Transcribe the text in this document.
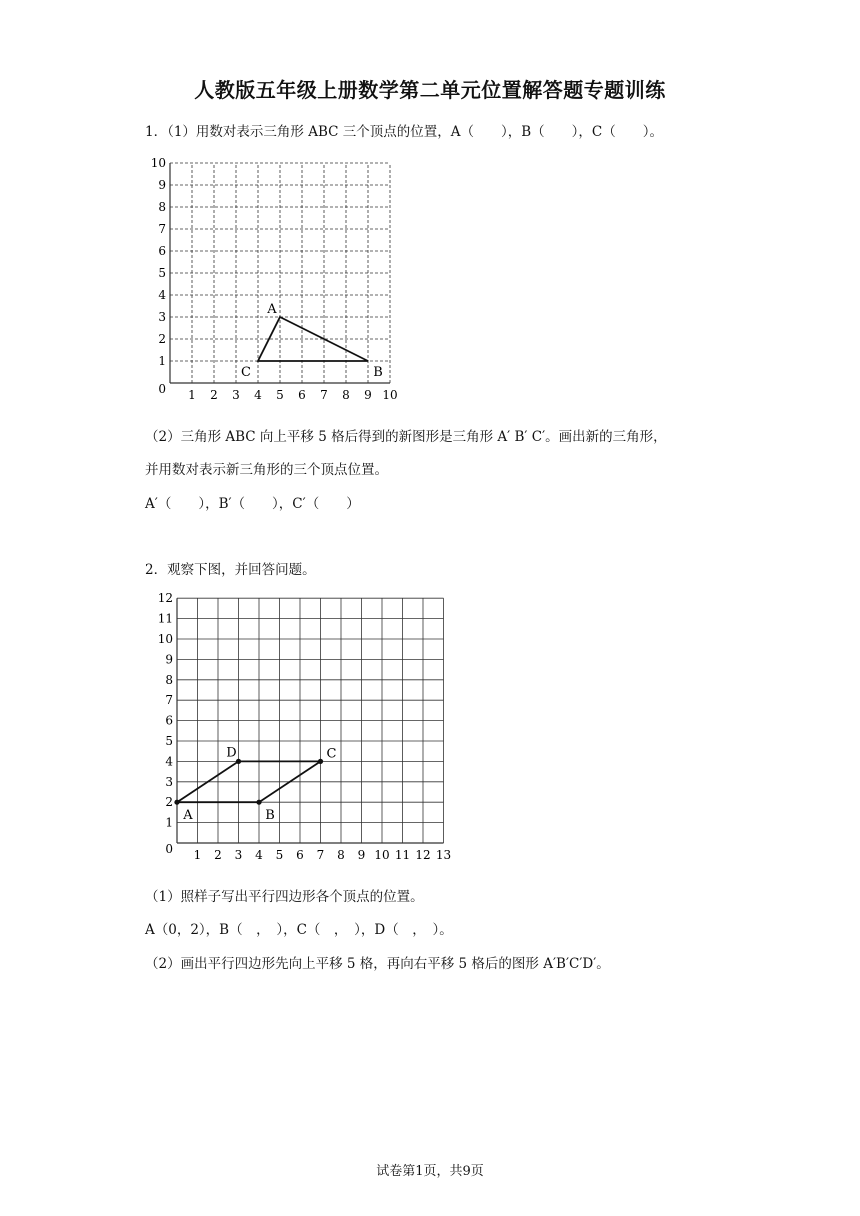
人教版五年级上册数学第二单元位置解答题专题训练
1．（1）用数对表示三角形 ABC 三个顶点的位置，A（　　），B（　　），C（　　）。
1 2 3 4 5 6 7 8 9 10
0
1
2
3
4
5
6
7
8
9
10
A
B
C
（2）三角形 ABC 向上平移 5 格后得到的新图形是三角形 A′ B′ C′。画出新的三角形，
并用数对表示新三角形的三个顶点位置。
A′（　　），B′（　　），C′（　　）
2．观察下图，并回答问题。
1 2 3 4 5 6 7 8 9 10 11 12 13
0
1
2
3
4
5
6
7
8
9
10
11
12
A	B
C
D
（1）照样子写出平行四边形各个顶点的位置。
A（0，2），B（　，　），C（　，　），D（　，　）。
（2）画出平行四边形先向上平移 5 格，再向右平移 5 格后的图形 A′B′C′D′。
试卷第1页，共9页
